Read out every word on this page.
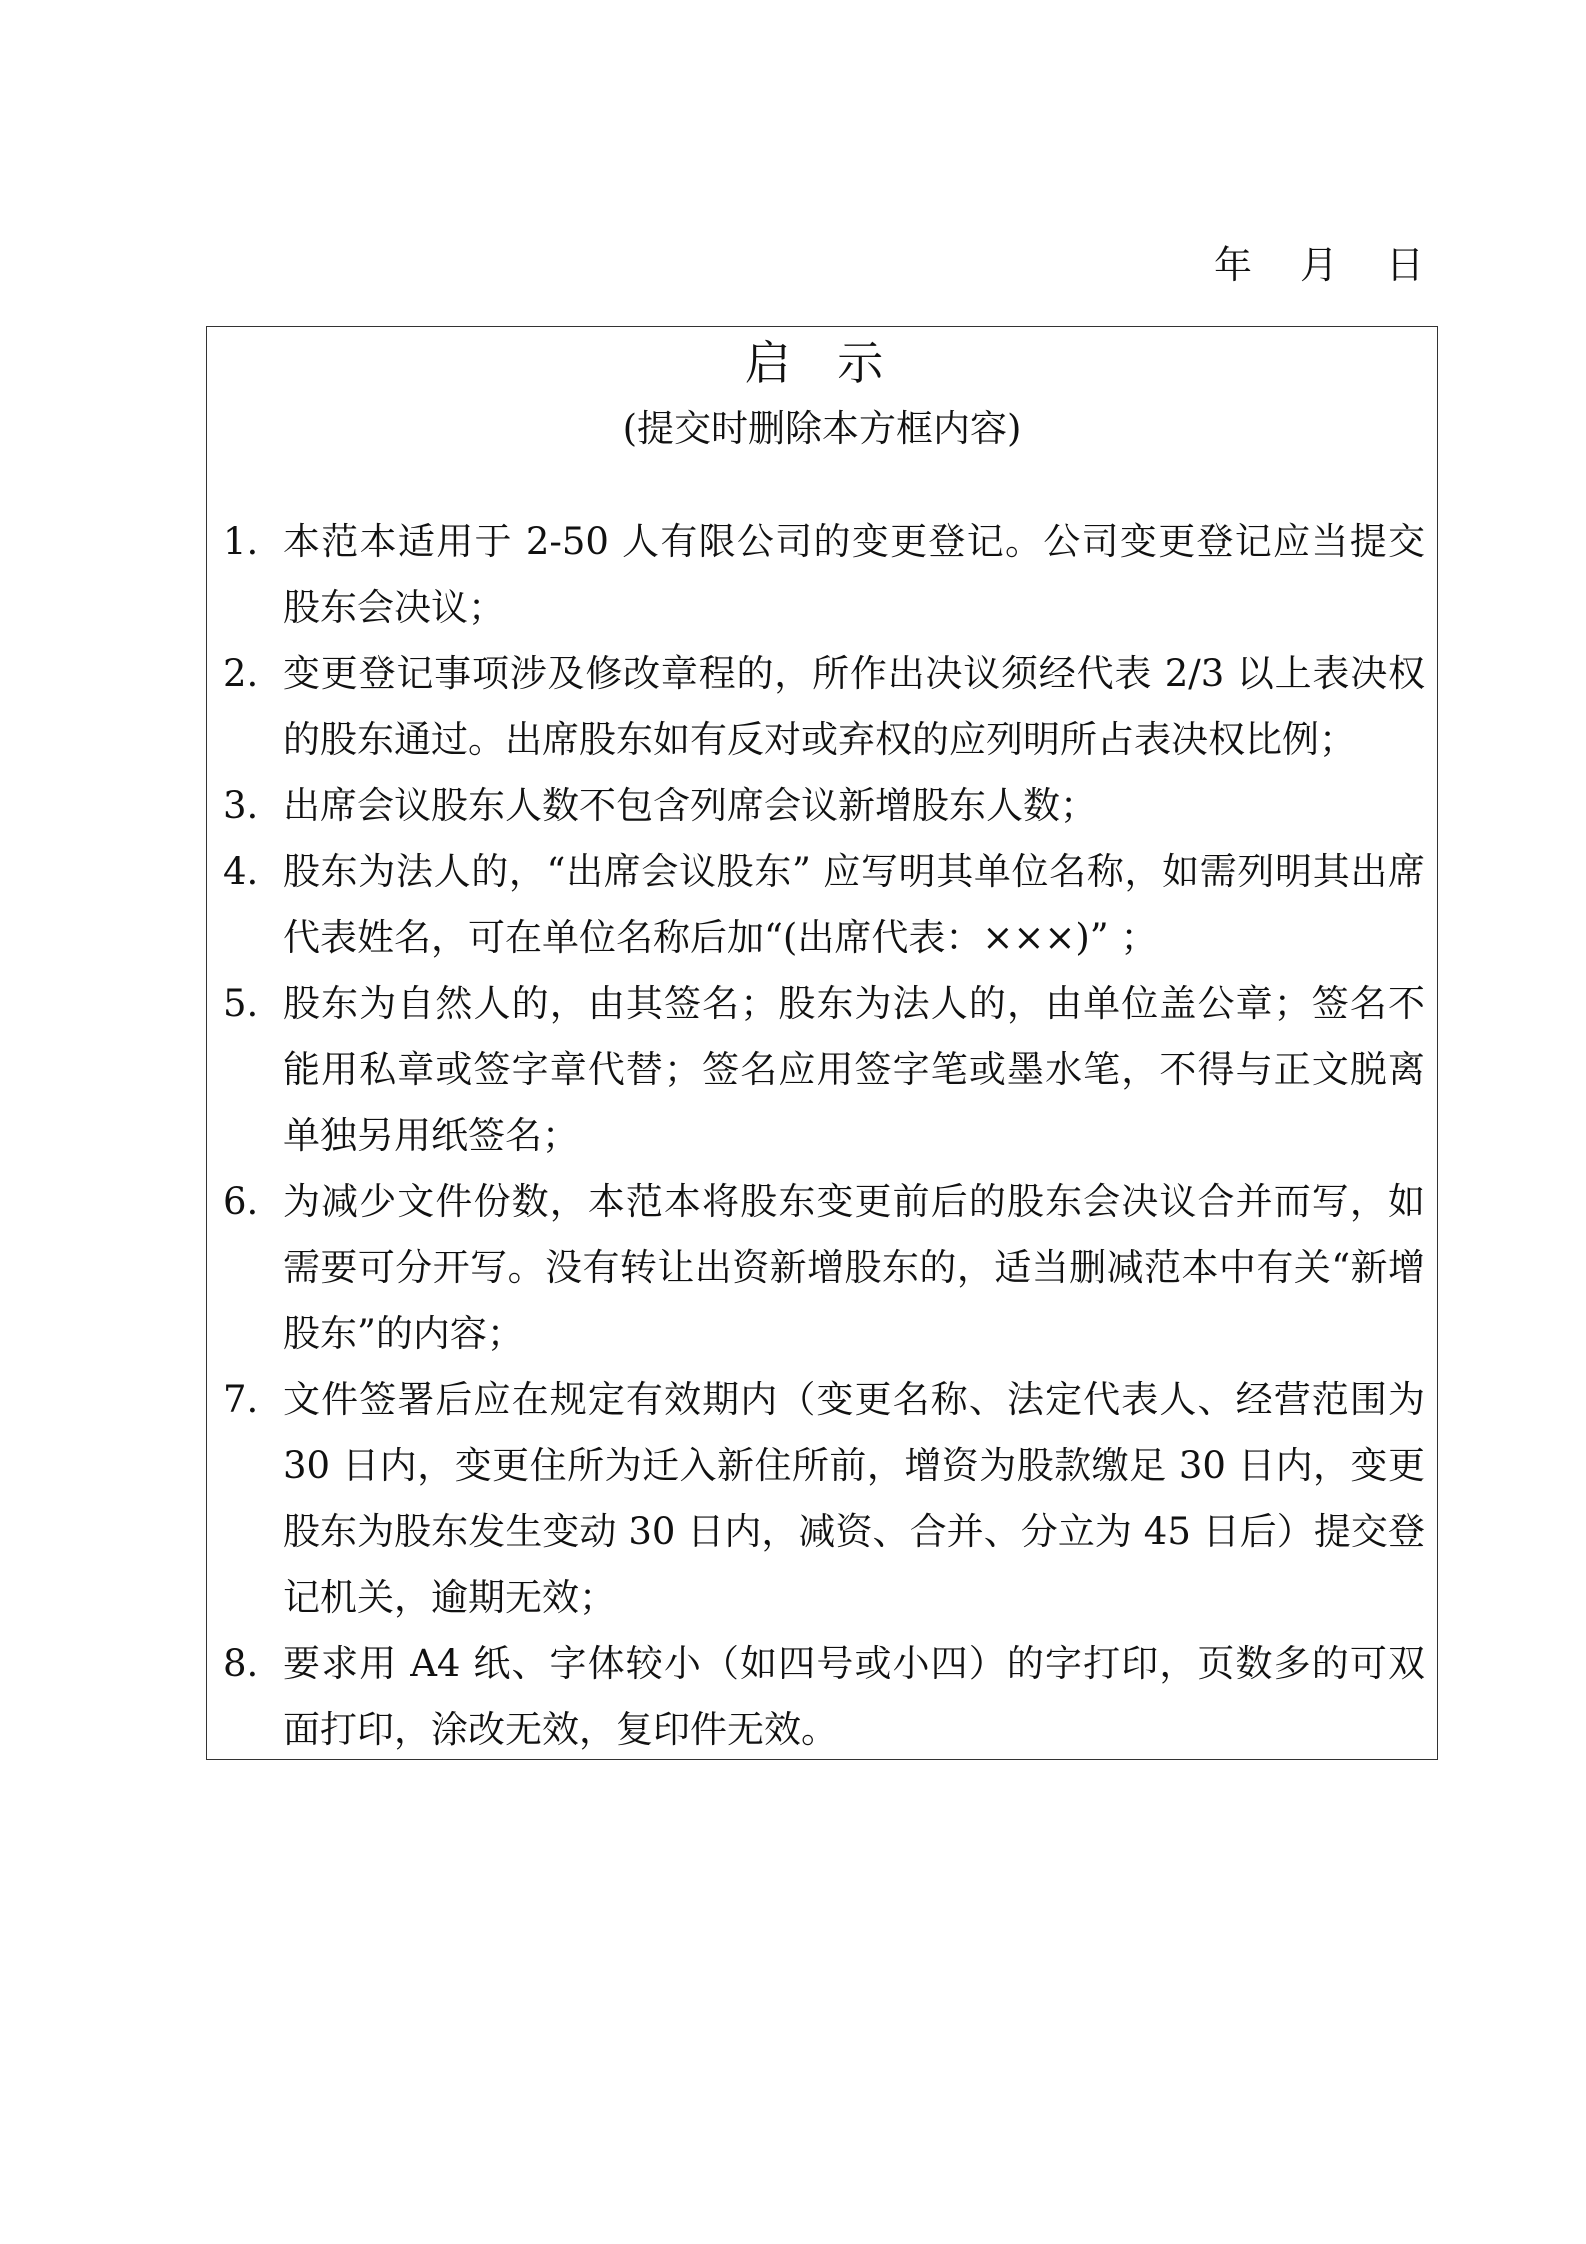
年 月 日

启 示
(提交时删除本方框内容)
1. 本范本适用于 2-50 人有限公司的变更登记。公司变更登记应当提交股东会决议；
2. 变更登记事项涉及修改章程的，所作出决议须经代表 2/3 以上表决权的股东通过。出席股东如有反对或弃权的应列明所占表决权比例；
3. 出席会议股东人数不包含列席会议新增股东人数；
4. 股东为法人的，“出席会议股东” 应写明其单位名称，如需列明其出席代表姓名，可在单位名称后加“(出席代表：×××)” ；
5. 股东为自然人的，由其签名；股东为法人的，由单位盖公章；签名不能用私章或签字章代替；签名应用签字笔或墨水笔，不得与正文脱离单独另用纸签名；
6. 为减少文件份数，本范本将股东变更前后的股东会决议合并而写，如需要可分开写。没有转让出资新增股东的，适当删减范本中有关“新增股东”的内容；
7. 文件签署后应在规定有效期内（变更名称、法定代表人、经营范围为 30 日内，变更住所为迁入新住所前，增资为股款缴足 30 日内，变更股东为股东发生变动 30 日内，减资、合并、分立为 45 日后）提交登记机关，逾期无效；
8. 要求用 A4 纸、字体较小（如四号或小四）的字打印，页数多的可双面打印，涂改无效，复印件无效。
